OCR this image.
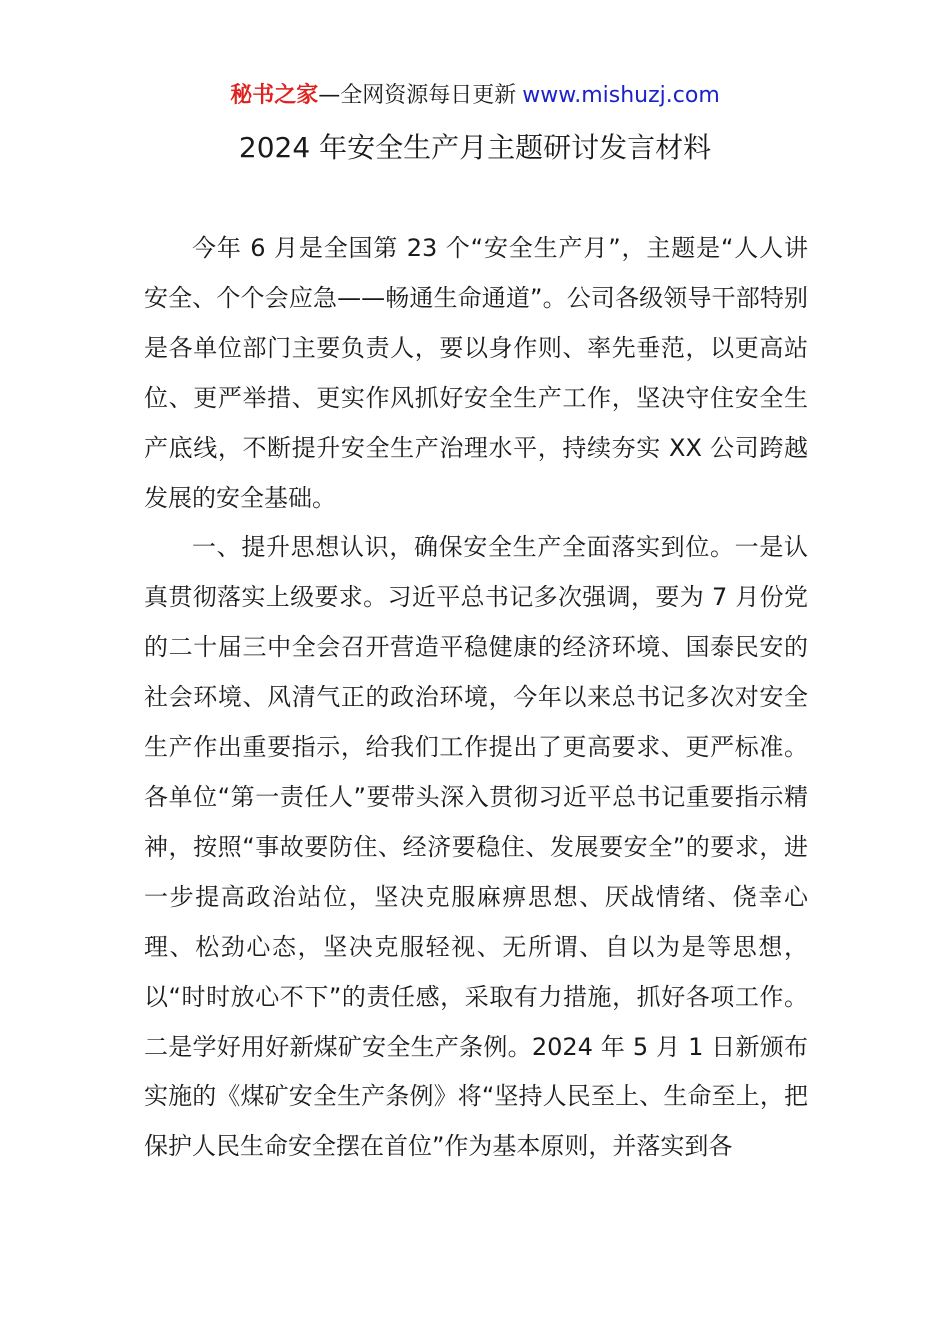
秘书之家—全网资源每日更新 www.mishuzj.com
2024 年安全生产月主题研讨发言材料

今年 6 月是全国第 23 个“安全生产月”，主题是“人人讲安全、个个会应急——畅通生命通道”。公司各级领导干部特别是各单位部门主要负责人，要以身作则、率先垂范，以更高站位、更严举措、更实作风抓好安全生产工作，坚决守住安全生产底线，不断提升安全生产治理水平，持续夯实 XX 公司跨越发展的安全基础。

一、提升思想认识，确保安全生产全面落实到位。一是认真贯彻落实上级要求。习近平总书记多次强调，要为 7 月份党的二十届三中全会召开营造平稳健康的经济环境、国泰民安的社会环境、风清气正的政治环境，今年以来总书记多次对安全生产作出重要指示，给我们工作提出了更高要求、更严标准。各单位“第一责任人”要带头深入贯彻习近平总书记重要指示精神，按照“事故要防住、经济要稳住、发展要安全”的要求，进一步提高政治站位，坚决克服麻痹思想、厌战情绪、侥幸心理、松劲心态，坚决克服轻视、无所谓、自以为是等思想，以“时时放心不下”的责任感，采取有力措施，抓好各项工作。二是学好用好新煤矿安全生产条例。2024 年 5 月 1 日新颁布实施的《煤矿安全生产条例》将“坚持人民至上、生命至上，把保护人民生命安全摆在首位”作为基本原则，并落实到各
